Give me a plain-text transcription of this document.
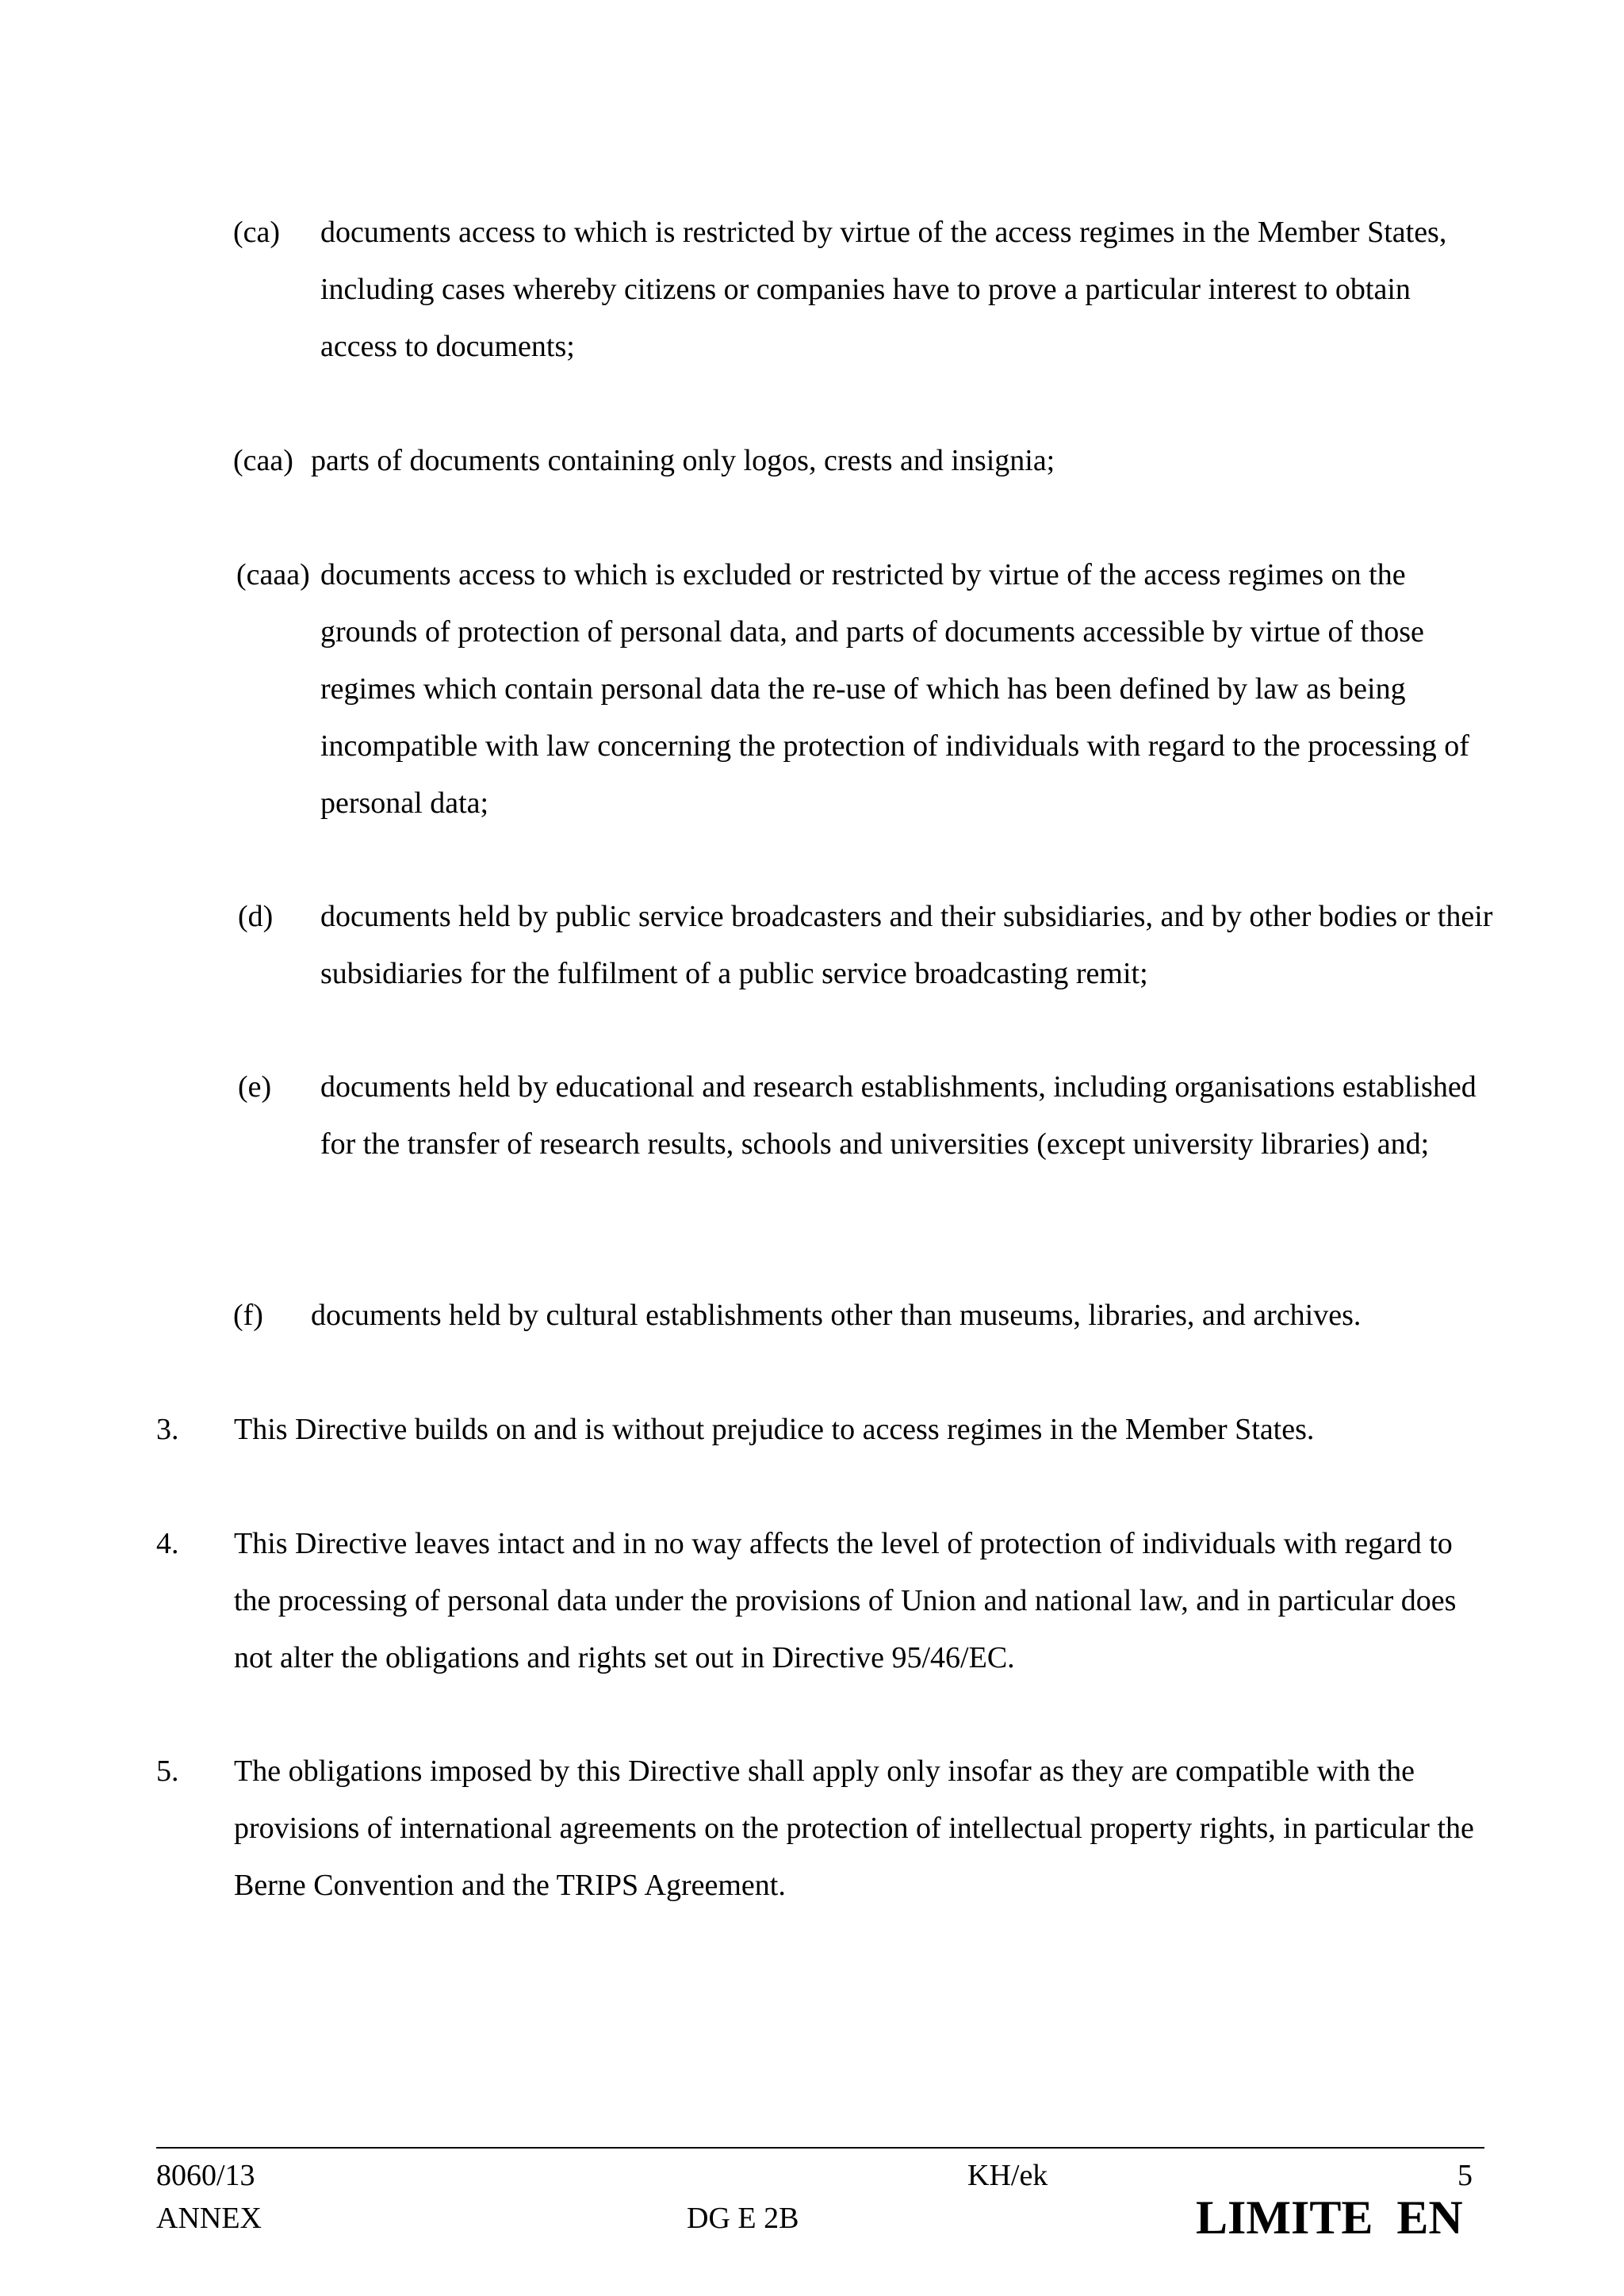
(ca) documents access to which is restricted by virtue of the access regimes in the Member States, including cases whereby citizens or companies have to prove a particular interest to obtain access to documents;
(caa) parts of documents containing only logos, crests and insignia;
(caaa) documents access to which is excluded or restricted by virtue of the access regimes on the grounds of protection of personal data, and parts of documents accessible by virtue of those regimes which contain personal data the re-use of which has been defined by law as being incompatible with law concerning the protection of individuals with regard to the processing of personal data;
(d) documents held by public service broadcasters and their subsidiaries, and by other bodies or their subsidiaries for the fulfilment of a public service broadcasting remit;
(e) documents held by educational and research establishments, including organisations established for the transfer of research results, schools and universities (except university libraries) and;
(f) documents held by cultural establishments other than museums, libraries, and archives.
3. This Directive builds on and is without prejudice to access regimes in the Member States.
4. This Directive leaves intact and in no way affects the level of protection of individuals with regard to the processing of personal data under the provisions of Union and national law, and in particular does not alter the obligations and rights set out in Directive 95/46/EC.
5. The obligations imposed by this Directive shall apply only insofar as they are compatible with the provisions of international agreements on the protection of intellectual property rights, in particular the Berne Convention and the TRIPS Agreement.
8060/13
ANNEX
KH/ek
DG E 2B
5
LIMITE EN
